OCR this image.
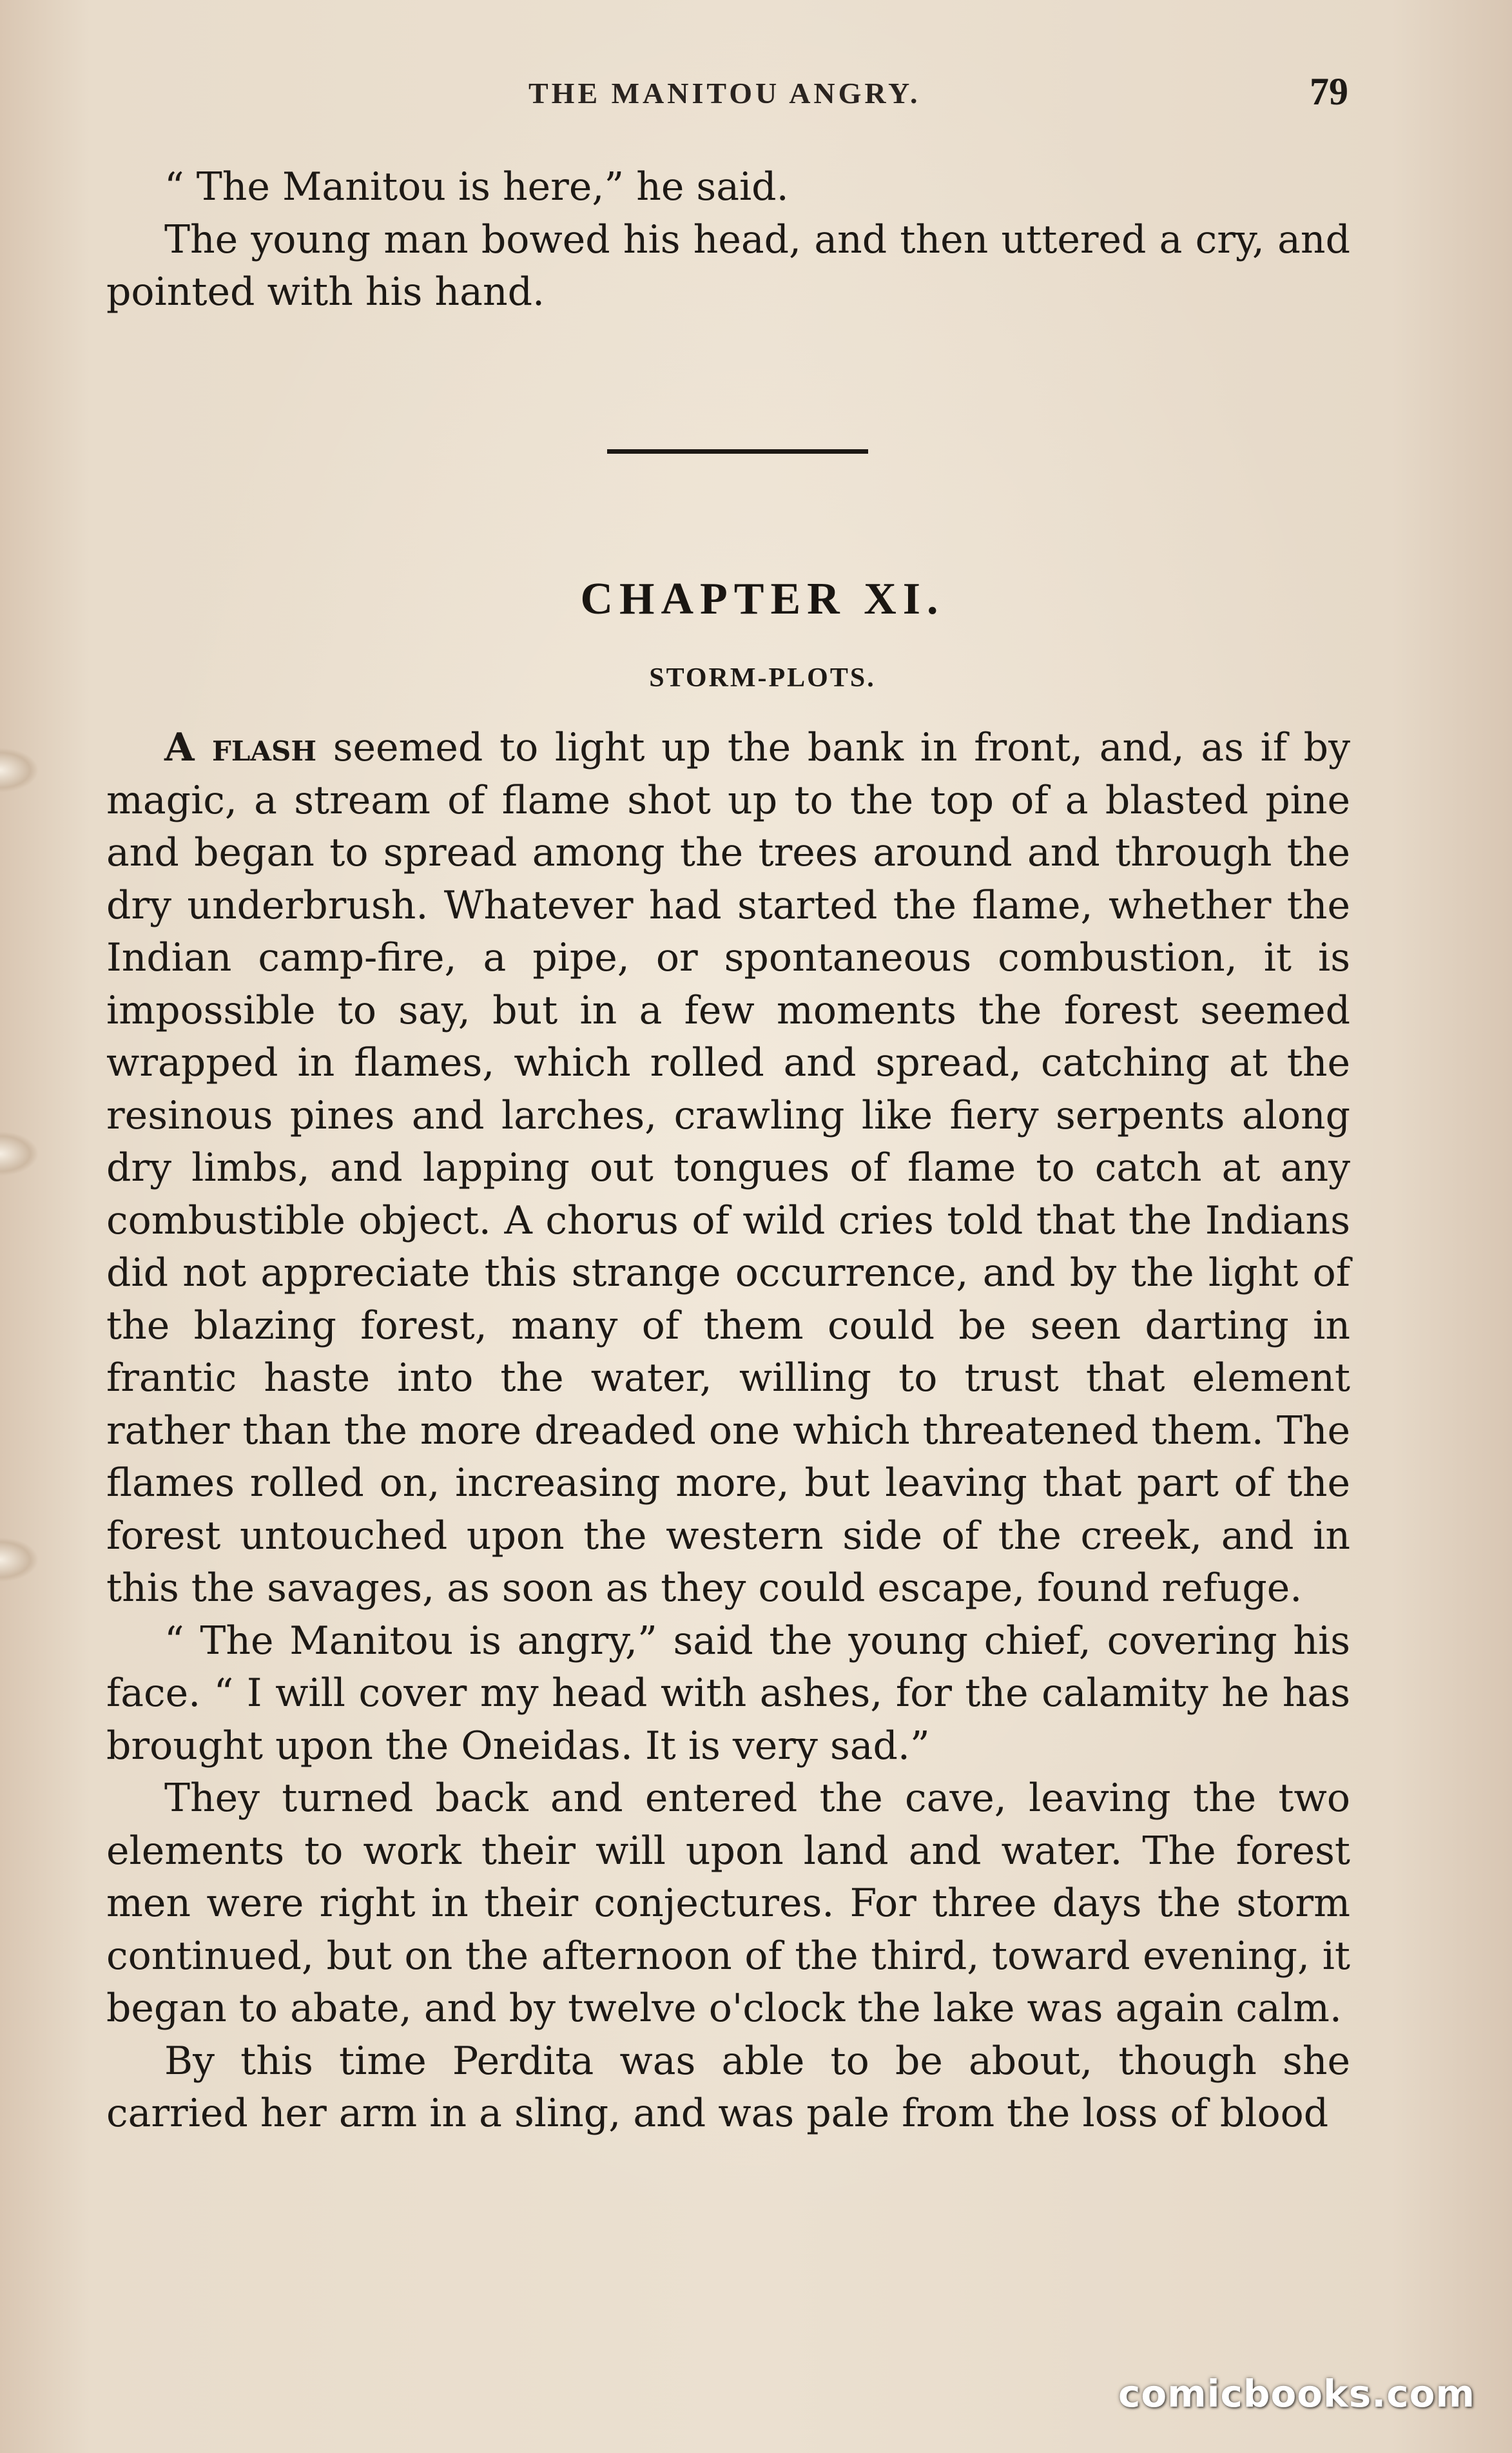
THE MANITOU ANGRY.	79

“ The Manitou is here,” he said.

The young man bowed his head, and then uttered a cry, and pointed with his hand.

CHAPTER XI.
STORM-PLOTS.

A flash seemed to light up the bank in front, and, as if by magic, a stream of flame shot up to the top of a blasted pine and began to spread among the trees around and through the dry underbrush. Whatever had started the flame, whether the Indian camp-fire, a pipe, or spontaneous combustion, it is impossible to say, but in a few moments the forest seemed wrapped in flames, which rolled and spread, catching at the resinous pines and larches, crawling like fiery serpents along dry limbs, and lapping out tongues of flame to catch at any combustible object. A chorus of wild cries told that the Indians did not appreciate this strange occurrence, and by the light of the blazing forest, many of them could be seen darting in frantic haste into the water, willing to trust that element rather than the more dreaded one which threatened them. The flames rolled on, increasing more, but leaving that part of the forest untouched upon the western side of the creek, and in this the savages, as soon as they could escape, found refuge.

“ The Manitou is angry,” said the young chief, covering his face. “ I will cover my head with ashes, for the calamity he has brought upon the Oneidas. It is very sad.”

They turned back and entered the cave, leaving the two elements to work their will upon land and water. The forest men were right in their conjectures. For three days the storm continued, but on the afternoon of the third, toward evening, it began to abate, and by twelve o'clock the lake was again calm.

By this time Perdita was able to be about, though she carried her arm in a sling, and was pale from the loss of blood

comicbooks.com
